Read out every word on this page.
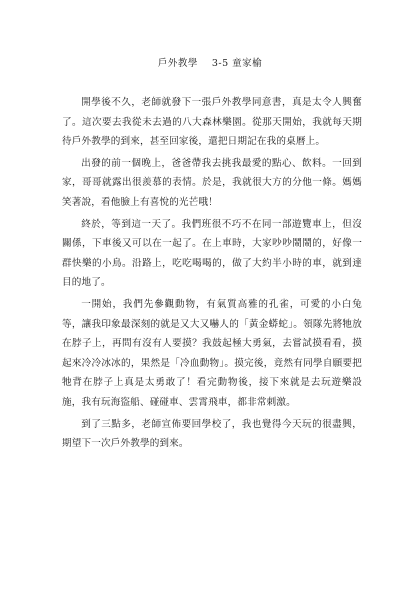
戶外教學 3-5 童家榆

開學後不久，老師就發下一張戶外教學同意書，真是太令人興奮了。這次要去我從未去過的八大森林樂園。從那天開始，我就每天期待戶外教學的到來，甚至回家後，還把日期記在我的桌曆上。

出發的前一個晚上，爸爸帶我去挑我最愛的點心、飲料。一回到家，哥哥就露出很羨慕的表情。於是，我就很大方的分他一條。媽媽笑著說，看他臉上有喜悅的光芒哦！

終於，等到這一天了。我們班很不巧不在同一部遊覽車上，但沒關係，下車後又可以在一起了。在上車時，大家吵吵鬧鬧的，好像一群快樂的小鳥。沿路上，吃吃喝喝的，做了大約半小時的車，就到達目的地了。

一開始，我們先參觀動物，有氣質高雅的孔雀，可愛的小白兔等，讓我印象最深刻的就是又大又嚇人的「黃金蟒蛇」。領隊先將牠放在脖子上，再問有沒有人要摸？我鼓起極大勇氣，去嘗試摸看看，摸起來冷冷冰冰的，果然是「冷血動物」。摸完後，竟然有同學自願要把牠背在脖子上真是太勇敢了！看完動物後，接下來就是去玩遊樂設施，我有玩海盜船、碰碰車、雲霄飛車，都非常刺激。

到了三點多，老師宣佈要回學校了，我也覺得今天玩的很盡興，期望下一次戶外教學的到來。
